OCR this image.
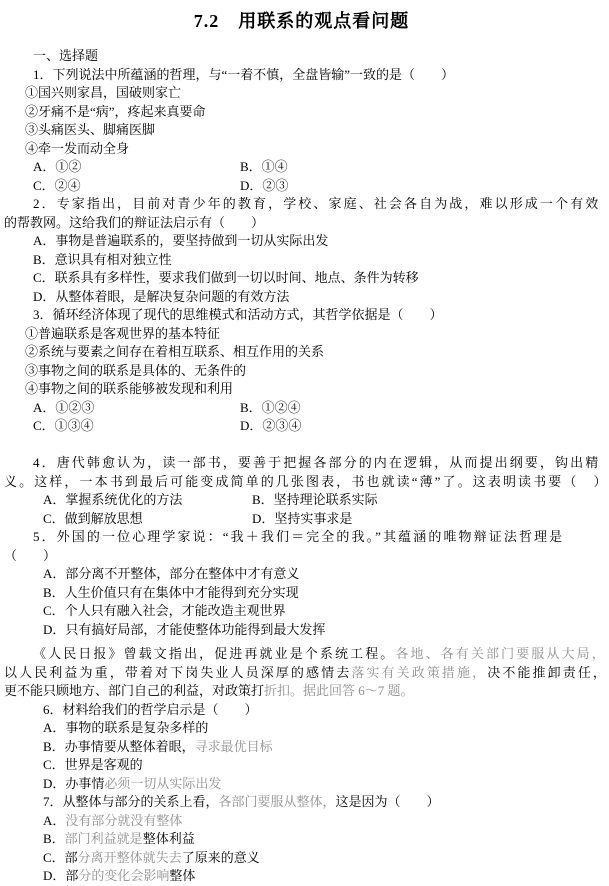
7.2　用联系的观点看问题
一、选择题
1．下列说法中所蕴涵的哲理，与“一着不慎，全盘皆输”一致的是（　　）
①国兴则家昌，国破则家亡
②牙痛不是“病”，疼起来真要命
③头痛医头、脚痛医脚
④牵一发而动全身
A．①②	B．①④
C．②④	D．②③
2．专家指出，目前对青少年的教育，学校、家庭、社会各自为战，难以形成一个有效
的帮教网。这给我们的辩证法启示有（　　）
A．事物是普遍联系的，要坚持做到一切从实际出发
B．意识具有相对独立性
C．联系具有多样性，要求我们做到一切以时间、地点、条件为转移
D．从整体着眼，是解决复杂问题的有效方法
3．循环经济体现了现代的思维模式和活动方式，其哲学依据是（　　）
①普遍联系是客观世界的基本特征
②系统与要素之间存在着相互联系、相互作用的关系
③事物之间的联系是具体的、无条件的
④事物之间的联系能够被发现和利用
A．①②③	B．①②④
C．①③④	D．②③④
4．唐代韩愈认为，读一部书，要善于把握各部分的内在逻辑，从而提出纲要，钩出精
义。这样，一本书到最后可能变成简单的几张图表，书也就读“薄”了。这表明读书要（　）
A．掌握系统优化的方法	B．坚持理论联系实际
C．做到解放思想	D．坚持实事求是
5．外国的一位心理学家说：“我＋我们＝完全的我。”其蕴涵的唯物辩证法哲理是
（　　）
A．部分离不开整体，部分在整体中才有意义
B．人生价值只有在集体中才能得到充分实现
C．个人只有融入社会，才能改造主观世界
D．只有搞好局部，才能使整体功能得到最大发挥
《人民日报》曾载文指出，促进再就业是个系统工程。各地、各有关部门要服从大局，
以人民利益为重，带着对下岗失业人员深厚的感情去落实有关政策措施，决不能推卸责任，
更不能只顾地方、部门自己的利益，对政策打折扣。据此回答 6～7 题。
6．材料给我们的哲学启示是（　　）
A．事物的联系是复杂多样的
B．办事情要从整体着眼，寻求最优目标
C．世界是客观的
D．办事情必须一切从实际出发
7．从整体与部分的关系上看，各部门要服从整体，这是因为（　　）
A．没有部分就没有整体
B．部门利益就是整体利益
C．部分离开整体就失去了原来的意义
D．部分的变化会影响整体
